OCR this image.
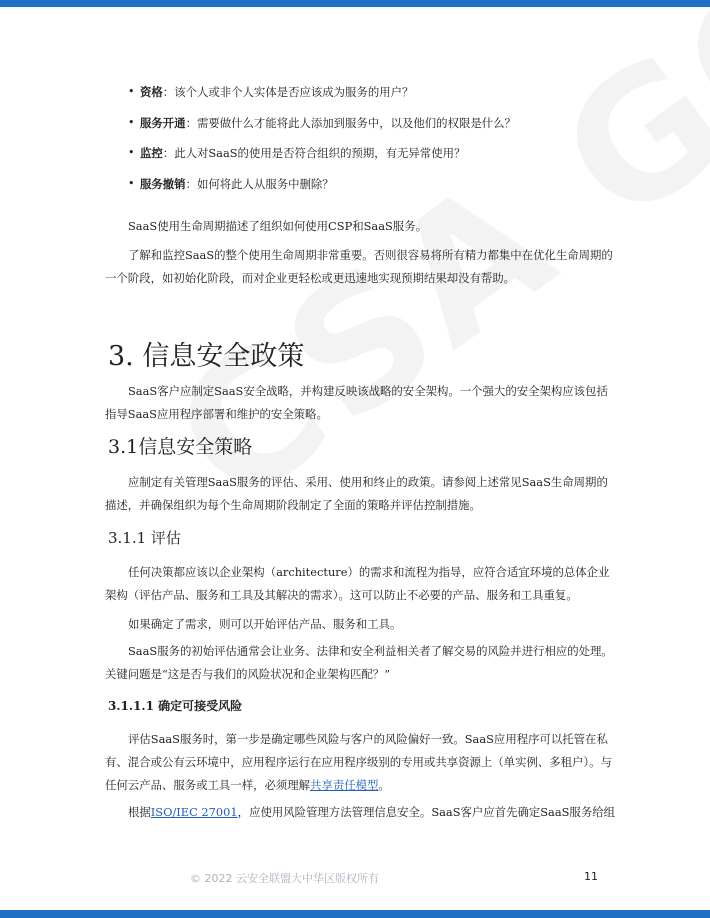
• 资格：该个人或非个人实体是否应该成为服务的用户？
• 服务开通：需要做什么才能将此人添加到服务中，以及他们的权限是什么？
• 监控：此人对SaaS的使用是否符合组织的预期，有无异常使用？
• 服务撤销：如何将此人从服务中删除？

SaaS使用生命周期描述了组织如何使用CSP和SaaS服务。

了解和监控SaaS的整个使用生命周期非常重要。否则很容易将所有精力都集中在优化生命周期的一个阶段，如初始化阶段，而对企业更轻松或更迅速地实现预期结果却没有帮助。

3. 信息安全政策

SaaS客户应制定SaaS安全战略，并构建反映该战略的安全架构。一个强大的安全架构应该包括指导SaaS应用程序部署和维护的安全策略。

3.1信息安全策略

应制定有关管理SaaS服务的评估、采用、使用和终止的政策。请参阅上述常见SaaS生命周期的描述，并确保组织为每个生命周期阶段制定了全面的策略并评估控制措施。

3.1.1 评估

任何决策都应该以企业架构（architecture）的需求和流程为指导，应符合适宜环境的总体企业架构（评估产品、服务和工具及其解决的需求）。这可以防止不必要的产品、服务和工具重复。

如果确定了需求，则可以开始评估产品、服务和工具。

SaaS服务的初始评估通常会让业务、法律和安全利益相关者了解交易的风险并进行相应的处理。关键问题是“这是否与我们的风险状况和企业架构匹配？”

3.1.1.1 确定可接受风险

评估SaaS服务时，第一步是确定哪些风险与客户的风险偏好一致。SaaS应用程序可以托管在私有、混合或公有云环境中，应用程序运行在应用程序级别的专用或共享资源上（单实例、多租户）。与任何云产品、服务或工具一样，必须理解共享责任模型。

根据ISO/IEC 27001，应使用风险管理方法管理信息安全。SaaS客户应首先确定SaaS服务给组

© 2022 云安全联盟大中华区版权所有	11
